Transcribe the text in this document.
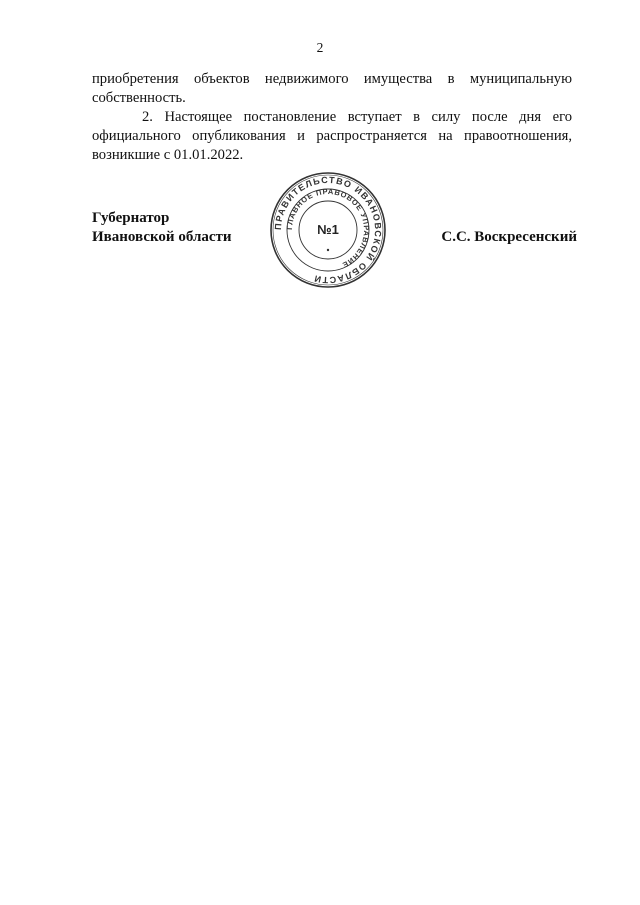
2

приобретения объектов недвижимого имущества в муниципальную собственность.

2. Настоящее постановление вступает в силу после дня его официального опубликования и распространяется на правоотношения, возникшие с 01.01.2022.

Губернатор
Ивановской области
ПРАВИТЕЛЬСТВО ИВАНОВСКОЙ ОБЛАСТИ
ГЛАВНОЕ ПРАВОВОЕ УПРАВЛЕНИЕ
№1	С.С. Воскресенский
